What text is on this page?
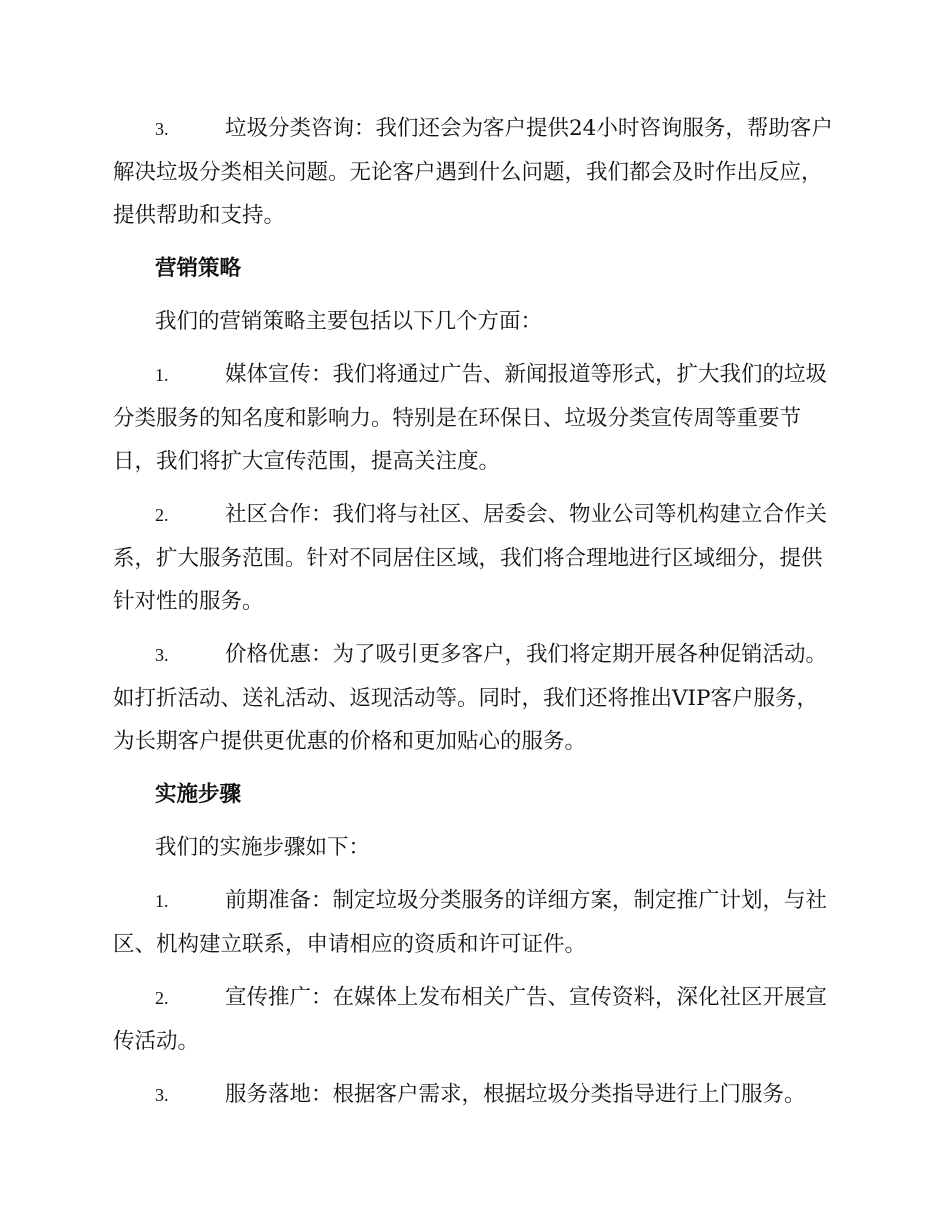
3.	垃圾分类咨询：我们还会为客户提供24小时咨询服务，帮助客户解决垃圾分类相关问题。无论客户遇到什么问题，我们都会及时作出反应，提供帮助和支持。

营销策略

我们的营销策略主要包括以下几个方面：

1.	媒体宣传：我们将通过广告、新闻报道等形式，扩大我们的垃圾分类服务的知名度和影响力。特别是在环保日、垃圾分类宣传周等重要节日，我们将扩大宣传范围，提高关注度。

2.	社区合作：我们将与社区、居委会、物业公司等机构建立合作关系，扩大服务范围。针对不同居住区域，我们将合理地进行区域细分，提供针对性的服务。

3.	价格优惠：为了吸引更多客户，我们将定期开展各种促销活动。如打折活动、送礼活动、返现活动等。同时，我们还将推出VIP客户服务，为长期客户提供更优惠的价格和更加贴心的服务。

实施步骤

我们的实施步骤如下：

1.	前期准备：制定垃圾分类服务的详细方案，制定推广计划，与社区、机构建立联系，申请相应的资质和许可证件。

2.	宣传推广：在媒体上发布相关广告、宣传资料，深化社区开展宣传活动。

3.	服务落地：根据客户需求，根据垃圾分类指导进行上门服务。
